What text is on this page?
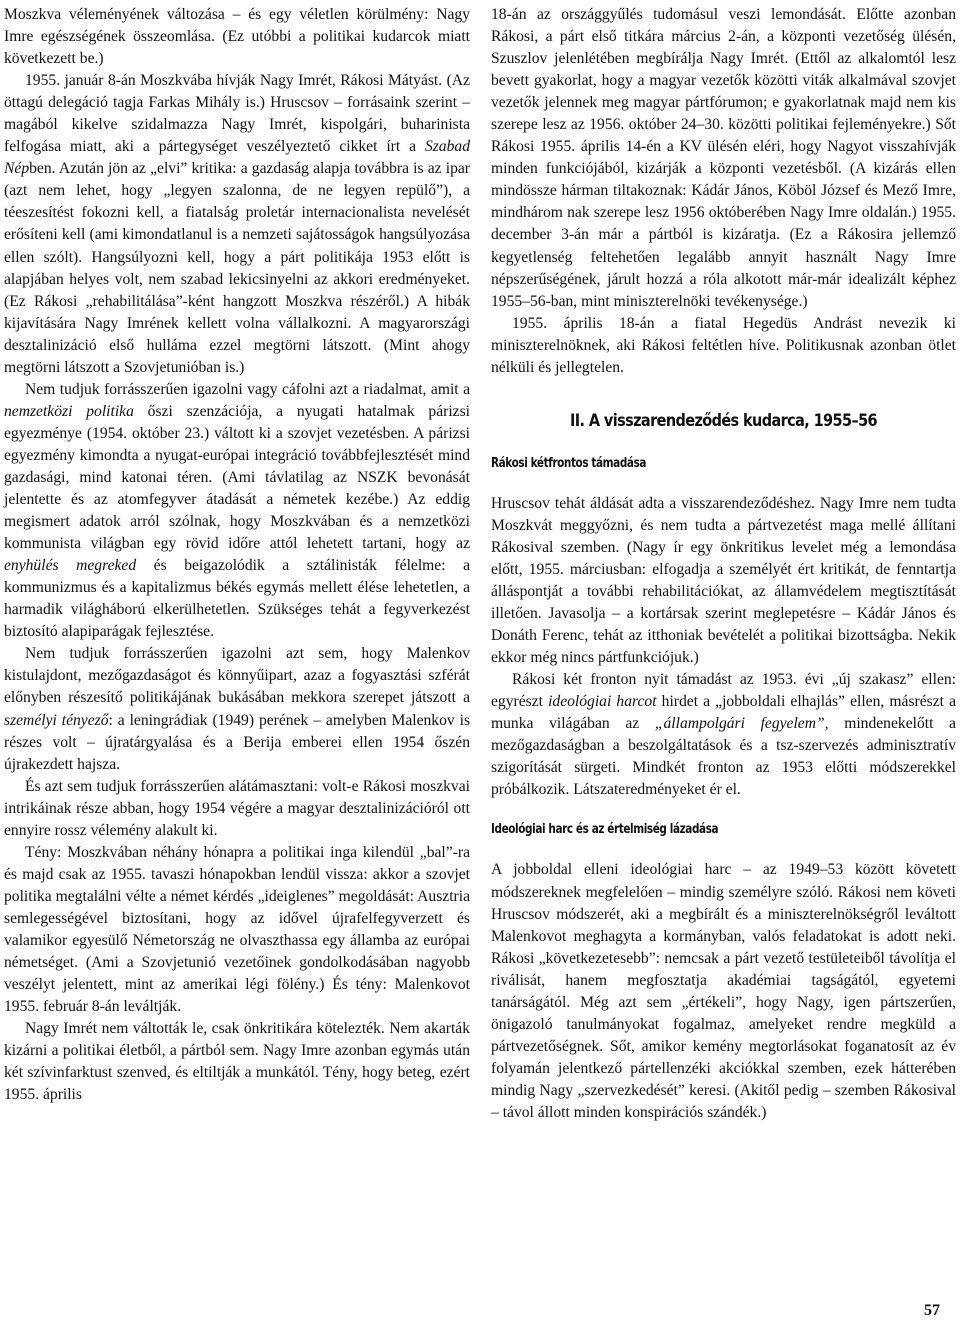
Moszkva véleményének változása – és egy véletlen körülmény: Nagy Imre egészségének összeomlása. (Ez utóbbi a politikai kudarcok miatt következett be.)

1955. január 8-án Moszkvába hívják Nagy Imrét, Rákosi Mátyást. (Az öttagú delegáció tagja Farkas Mihály is.) Hruscsov – forrásaink szerint – magából kikelve szidalmazza Nagy Imrét, kispolgári, buharinista felfogása miatt, aki a pártegységet veszélyeztető cikket írt a Szabad Népben. Azután jön az „elvi” kritika: a gazdaság alapja továbbra is az ipar (azt nem lehet, hogy „legyen szalonna, de ne legyen repülő”), a téeszesítést fokozni kell, a fiatalság proletár internacionalista nevelését erősíteni kell (ami kimondatlanul is a nemzeti sajátosságok hangsúlyozása ellen szólt). Hangsúlyozni kell, hogy a párt politikája 1953 előtt is alapjában helyes volt, nem szabad lekicsinyelni az akkori eredményeket. (Ez Rákosi „rehabilitálása”-ként hangzott Moszkva részéről.) A hibák kijavítására Nagy Imrének kellett volna vállalkozni. A magyarországi desztalinizáció első hulláma ezzel megtörni látszott. (Mint ahogy megtörni látszott a Szovjetunióban is.)

Nem tudjuk forrásszerűen igazolni vagy cáfolni azt a riadalmat, amit a nemzetközi politika őszi szenzációja, a nyugati hatalmak párizsi egyezménye (1954. október 23.) váltott ki a szovjet vezetésben. A párizsi egyezmény kimondta a nyugat-európai integráció továbbfejlesztését mind gazdasági, mind katonai téren. (Ami távlatilag az NSZK bevonását jelentette és az atomfegyver átadását a németek kezébe.) Az eddig megismert adatok arról szólnak, hogy Moszkvában és a nemzetközi kommunista világban egy rövid időre attól lehetett tartani, hogy az enyhülés megreked és beigazolódik a sztálinisták félelme: a kommunizmus és a kapitalizmus békés egymás mellett élése lehetetlen, a harmadik világháború elkerülhetetlen. Szükséges tehát a fegyverkezést biztosító alapiparágak fejlesztése.

Nem tudjuk forrásszerűen igazolni azt sem, hogy Malenkov kistulajdont, mezőgazdaságot és könnyűipart, azaz a fogyasztási szférát előnyben részesítő politikájának bukásában mekkora szerepet játszott a személyi tényező: a leningrádiak (1949) perének – amelyben Malenkov is részes volt – újratárgyalása és a Berija emberei ellen 1954 őszén újrakezdett hajsza.

És azt sem tudjuk forrásszerűen alátámasztani: volt-e Rákosi moszkvai intrikáinak része abban, hogy 1954 végére a magyar desztalinizációról ott ennyire rossz vélemény alakult ki.

Tény: Moszkvában néhány hónapra a politikai inga kilendül „bal”-ra és majd csak az 1955. tavaszi hónapokban lendül vissza: akkor a szovjet politika megtalálni vélte a német kérdés „ideiglenes” megoldását: Ausztria semlegességével biztosítani, hogy az idővel újrafelfegyverzett és valamikor egyesülő Németország ne olvaszthassa egy államba az európai németséget. (Ami a Szovjetunió vezetőinek gondolkodásában nagyobb veszélyt jelentett, mint az amerikai légi fölény.) És tény: Malenkovot 1955. február 8-án leváltják.

Nagy Imrét nem váltották le, csak önkritikára kötelezték. Nem akarták kizárni a politikai életből, a pártból sem. Nagy Imre azonban egymás után két szívinfarktust szenved, és eltiltják a munkától. Tény, hogy beteg, ezért 1955. április

18-án az országgyűlés tudomásul veszi lemondását. Előtte azonban Rákosi, a párt első titkára március 2-án, a központi vezetőség ülésén, Szuszlov jelenlétében megbírálja Nagy Imrét. (Ettől az alkalomtól lesz bevett gyakorlat, hogy a magyar vezetők közötti viták alkalmával szovjet vezetők jelennek meg magyar pártfórumon; e gyakorlatnak majd nem kis szerepe lesz az 1956. október 24–30. közötti politikai fejleményekre.) Sőt Rákosi 1955. április 14-én a KV ülésén eléri, hogy Nagyot visszahívják minden funkciójából, kizárják a központi vezetésből. (A kizárás ellen mindössze hárman tiltakoznak: Kádár János, Köböl József és Mező Imre, mindhárom nak szerepe lesz 1956 októberében Nagy Imre oldalán.) 1955. december 3-án már a pártból is kizáratja. (Ez a Rákosira jellemző kegyetlenség feltehetően legalább annyit használt Nagy Imre népszerűségének, járult hozzá a róla alkotott már-már idealizált képhez 1955–56-ban, mint miniszterelnöki tevékenysége.)

1955. április 18-án a fiatal Hegedüs Andrást nevezik ki miniszterelnöknek, aki Rákosi feltétlen híve. Politikusnak azonban ötlet nélküli és jellegtelen.

II. A visszarendeződés kudarca, 1955–56
Rákosi kétfrontos támadása

Hruscsov tehát áldását adta a visszarendeződéshez. Nagy Imre nem tudta Moszkvát meggyőzni, és nem tudta a pártvezetést maga mellé állítani Rákosival szemben. (Nagy ír egy önkritikus levelet még a lemondása előtt, 1955. márciusban: elfogadja a személyét ért kritikát, de fenntartja álláspontját a további rehabilitációkat, az államvédelem megtisztítását illetően. Javasolja – a kortársak szerint meglepetésre – Kádár János és Donáth Ferenc, tehát az itthoniak bevételét a politikai bizottságba. Nekik ekkor még nincs pártfunkciójuk.)

Rákosi két fronton nyit támadást az 1953. évi „új szakasz” ellen: egyrészt ideológiai harcot hirdet a „jobboldali elhajlás” ellen, másrészt a munka világában az „állampolgári fegyelem”, mindenekelőtt a mezőgazdaságban a beszolgáltatások és a tsz-szervezés adminisztratív szigorítását sürgeti. Mindkét fronton az 1953 előtti módszerekkel próbálkozik. Látszateredményeket ér el.

Ideológiai harc és az értelmiség lázadása

A jobboldal elleni ideológiai harc – az 1949–53 között követett módszereknek megfelelően – mindig személyre szóló. Rákosi nem követi Hruscsov módszerét, aki a megbírált és a miniszterelnökségről leváltott Malenkovot meghagyta a kormányban, valós feladatokat is adott neki. Rákosi „következetesebb”: nemcsak a párt vezető testületeiből távolítja el riválisát, hanem megfosztatja akadémiai tagságától, egyetemi tanárságától. Még azt sem „értékeli”, hogy Nagy, igen pártszerűen, önigazoló tanulmányokat fogalmaz, amelyeket rendre megküld a pártvezetőségnek. Sőt, amikor kemény megtorlásokat foganatosít az év folyamán jelentkező pártellenzéki akciókkal szemben, ezek hátterében mindig Nagy „szervezkedését” keresi. (Akitől pedig – szemben Rákosival – távol állott minden konspirációs szándék.)

57
